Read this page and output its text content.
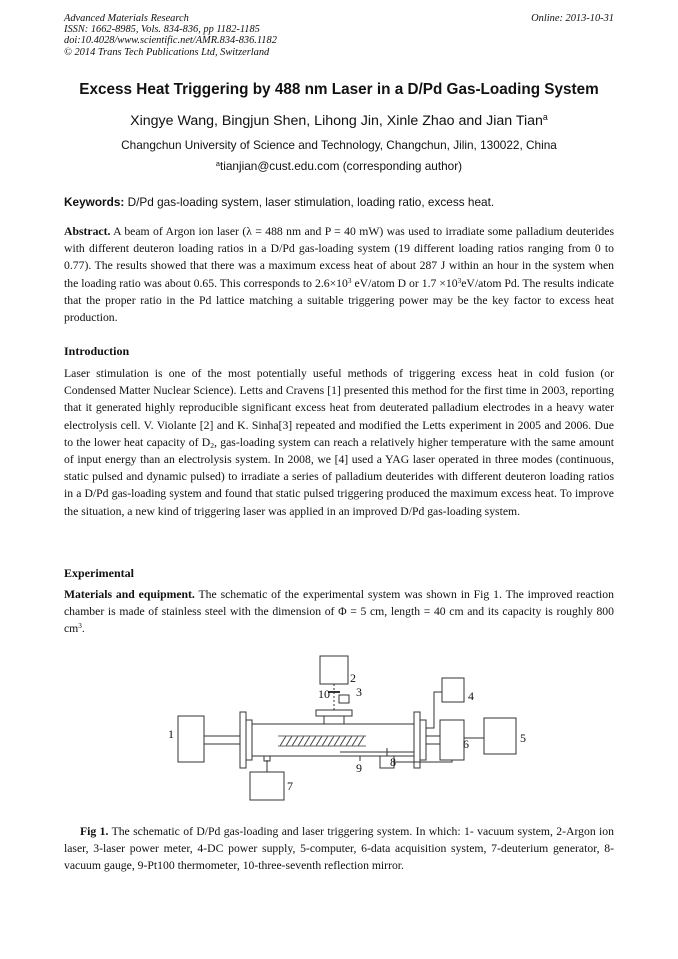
Advanced Materials Research
ISSN: 1662-8985, Vols. 834-836, pp 1182-1185
doi:10.4028/www.scientific.net/AMR.834-836.1182
© 2014 Trans Tech Publications Ltd, Switzerland
Online: 2013-10-31
Excess Heat Triggering by 488 nm Laser in a D/Pd Gas-Loading System
Xingye Wang, Bingjun Shen, Lihong Jin, Xinle Zhao and Jian Tian$^a$
Changchun University of Science and Technology, Changchun, Jilin, 130022, China
$^a$tianjian@cust.edu.com (corresponding author)
Keywords: D/Pd gas-loading system, laser stimulation, loading ratio, excess heat.
Abstract. A beam of Argon ion laser (λ = 488 nm and P = 40 mW) was used to irradiate some palladium deuterides with different deuteron loading ratios in a D/Pd gas-loading system (19 different loading ratios ranging from 0 to 0.77). The results showed that there was a maximum excess heat of about 287 J within an hour in the system when the loading ratio was about 0.65. This corresponds to $2.6\times 10^3$ eV/atom D or $1.7 \times 10^3eV$/atom Pd. The results indicate that the proper ratio in the Pd lattice matching a suitable triggering power may be the key factor to excess heat production.
Introduction
Laser stimulation is one of the most potentially useful methods of triggering excess heat in cold fusion (or Condensed Matter Nuclear Science). Letts and Cravens [1] presented this method for the first time in 2003, reporting that it generated highly reproducible significant excess heat from deuterated palladium electrodes in a heavy water electrolysis cell. V. Violante [2] and K. Sinha[3] repeated and modified the Letts experiment in 2005 and 2006. Due to the lower heat capacity of $D_2$, gas-loading system can reach a relatively higher temperature with the same amount of input energy than an electrolysis system. In 2008, we [4] used a YAG laser operated in three modes (continuous, static pulsed and dynamic pulsed) to irradiate a series of palladium deuterides with different deuteron loading ratios in a D/Pd gas-loading system and found that static pulsed triggering produced the maximum excess heat. To improve the situation, a new kind of triggering laser was applied in an improved D/Pd gas-loading system.
Experimental
Materials and equipment. The schematic of the experimental system was shown in Fig 1. The improved reaction chamber is made of stainless steel with the dimension of Φ = 5 cm, length = 40 cm and its capacity is roughly 800 $cm^3$.
1
2
3	4
5
6
7
8
9
10
Fig 1. The schematic of D/Pd gas-loading and laser triggering system. In which: 1- vacuum system, 2-Argon ion laser, 3-laser power meter, 4-DC power supply, 5-computer, 6-data acquisition system, 7-deuterium generator, 8-vacuum gauge, 9-Pt100 thermometer, 10-three-seventh reflection mirror.
